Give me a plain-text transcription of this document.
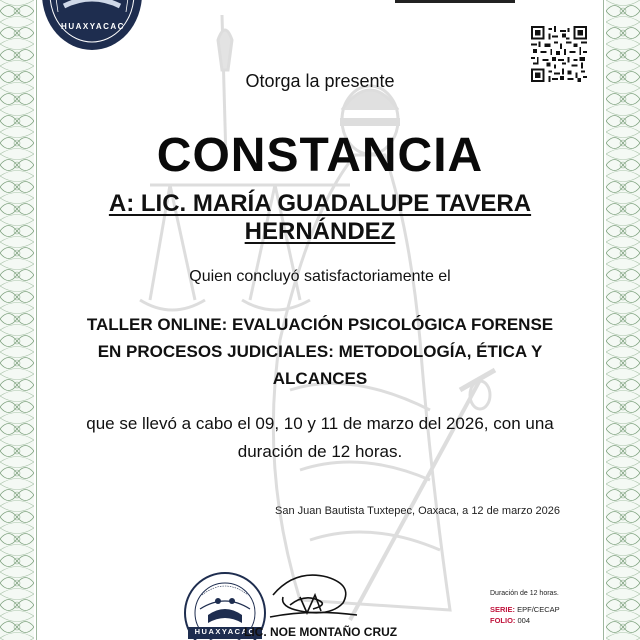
HUAXYACAC
Otorga la presente
CONSTANCIA
A: LIC. MARÍA GUADALUPE TAVERA
HERNÁNDEZ
Quien concluyó satisfactoriamente el
TALLER ONLINE: EVALUACIÓN PSICOLÓGICA FORENSE
EN PROCESOS JUDICIALES: METODOLOGÍA, ÉTICA Y
ALCANCES
que se llevó a cabo el 09, 10 y 11 de marzo del 2026, con una
duración de 12 horas.
San Juan Bautista Tuxtepec, Oaxaca, a 12 de marzo 2026
HUAXYACAC
LIC. NOE MONTAÑO CRUZ
Duración de 12 horas.
SERIE: EPF/CECAP
FOLIO: 004
